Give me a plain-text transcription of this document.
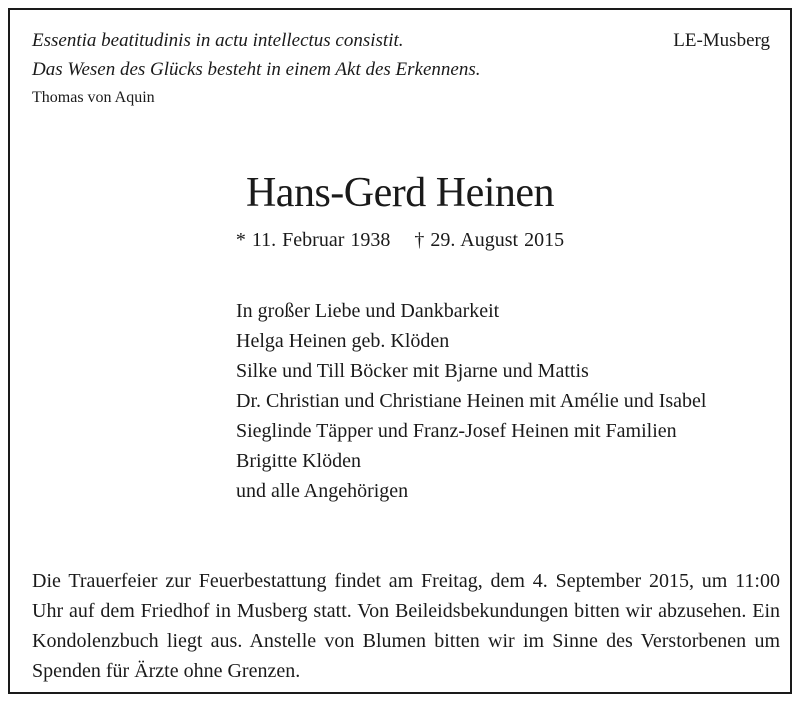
Essentia beatitudinis in actu intellectus consistit.
Das Wesen des Glücks besteht in einem Akt des Erkennens.
Thomas von Aquin
LE-Musberg
Hans-Gerd Heinen
* 11. Februar 1938 † 29. August 2015
In großer Liebe und Dankbarkeit
Helga Heinen geb. Klöden
Silke und Till Böcker mit Bjarne und Mattis
Dr. Christian und Christiane Heinen mit Amélie und Isabel
Sieglinde Täpper und Franz-Josef Heinen mit Familien
Brigitte Klöden
und alle Angehörigen
Die Trauerfeier zur Feuerbestattung findet am Freitag, dem 4. September 2015, um 11:00 Uhr auf dem Friedhof in Musberg statt. Von Beileidsbekundungen bitten wir abzusehen. Ein Kondolenzbuch liegt aus. Anstelle von Blumen bitten wir im Sinne des Verstorbenen um Spenden für Ärzte ohne Grenzen.
